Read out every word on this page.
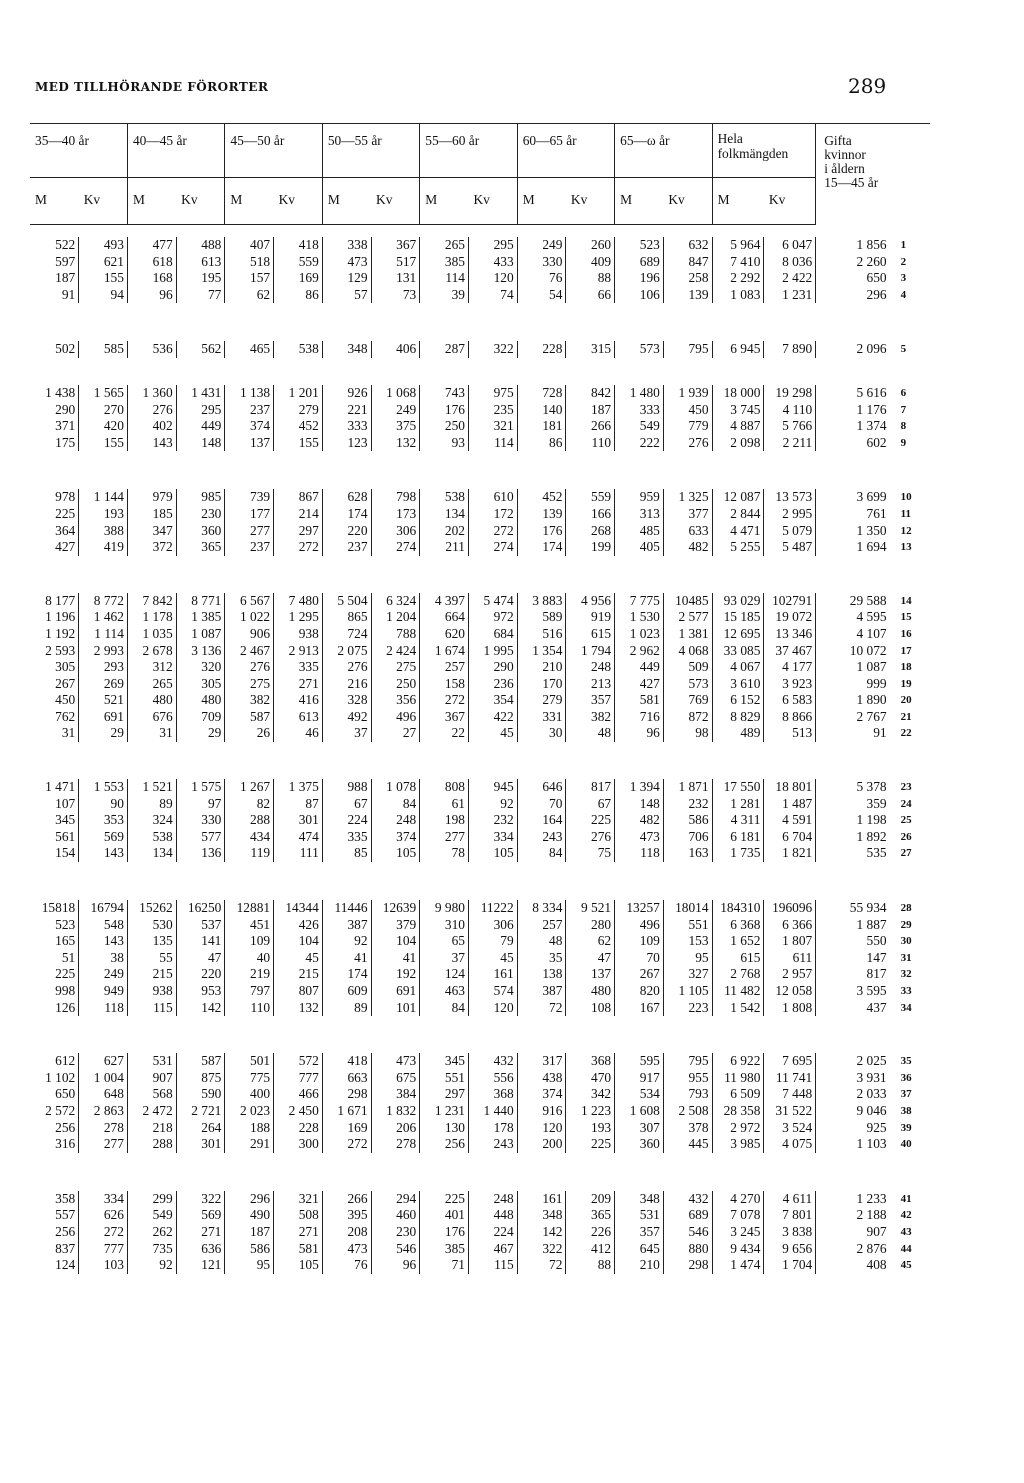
MED TILLHÖRANDE FÖRORTER	289
35—40 år		40—45 år		45—50 år		50—55 år		55—60 år		60—65 år		65—ω år		Hela
folkmängden		Gifta
kvinnor
i åldern
15—45 år	
M	Kv	M	Kv	M	Kv	M	Kv	M	Kv	M	Kv	M	Kv	M	Kv		

522	493	477	488	407	418	338	367	265	295	249	260	523	632	5 964	6 047	1 856	1
597	621	618	613	518	559	473	517	385	433	330	409	689	847	7 410	8 036	2 260	2
187	155	168	195	157	169	129	131	114	120	76	88	196	258	2 292	2 422	650	3
91	94	96	77	62	86	57	73	39	74	54	66	106	139	1 083	1 231	296	4

502	585	536	562	465	538	348	406	287	322	228	315	573	795	6 945	7 890	2 096	5

1 438	1 565	1 360	1 431	1 138	1 201	926	1 068	743	975	728	842	1 480	1 939	18 000	19 298	5 616	6
290	270	276	295	237	279	221	249	176	235	140	187	333	450	3 745	4 110	1 176	7
371	420	402	449	374	452	333	375	250	321	181	266	549	779	4 887	5 766	1 374	8
175	155	143	148	137	155	123	132	93	114	86	110	222	276	2 098	2 211	602	9

978	1 144	979	985	739	867	628	798	538	610	452	559	959	1 325	12 087	13 573	3 699	10
225	193	185	230	177	214	174	173	134	172	139	166	313	377	2 844	2 995	761	11
364	388	347	360	277	297	220	306	202	272	176	268	485	633	4 471	5 079	1 350	12
427	419	372	365	237	272	237	274	211	274	174	199	405	482	5 255	5 487	1 694	13

8 177	8 772	7 842	8 771	6 567	7 480	5 504	6 324	4 397	5 474	3 883	4 956	7 775	10485	93 029	102791	29 588	14
1 196	1 462	1 178	1 385	1 022	1 295	865	1 204	664	972	589	919	1 530	2 577	15 185	19 072	4 595	15
1 192	1 114	1 035	1 087	906	938	724	788	620	684	516	615	1 023	1 381	12 695	13 346	4 107	16
2 593	2 993	2 678	3 136	2 467	2 913	2 075	2 424	1 674	1 995	1 354	1 794	2 962	4 068	33 085	37 467	10 072	17
305	293	312	320	276	335	276	275	257	290	210	248	449	509	4 067	4 177	1 087	18
267	269	265	305	275	271	216	250	158	236	170	213	427	573	3 610	3 923	999	19
450	521	480	480	382	416	328	356	272	354	279	357	581	769	6 152	6 583	1 890	20
762	691	676	709	587	613	492	496	367	422	331	382	716	872	8 829	8 866	2 767	21
31	29	31	29	26	46	37	27	22	45	30	48	96	98	489	513	91	22

1 471	1 553	1 521	1 575	1 267	1 375	988	1 078	808	945	646	817	1 394	1 871	17 550	18 801	5 378	23
107	90	89	97	82	87	67	84	61	92	70	67	148	232	1 281	1 487	359	24
345	353	324	330	288	301	224	248	198	232	164	225	482	586	4 311	4 591	1 198	25
561	569	538	577	434	474	335	374	277	334	243	276	473	706	6 181	6 704	1 892	26
154	143	134	136	119	111	85	105	78	105	84	75	118	163	1 735	1 821	535	27

15818	16794	15262	16250	12881	14344	11446	12639	9 980	11222	8 334	9 521	13257	18014	184310	196096	55 934	28
523	548	530	537	451	426	387	379	310	306	257	280	496	551	6 368	6 366	1 887	29
165	143	135	141	109	104	92	104	65	79	48	62	109	153	1 652	1 807	550	30
51	38	55	47	40	45	41	41	37	45	35	47	70	95	615	611	147	31
225	249	215	220	219	215	174	192	124	161	138	137	267	327	2 768	2 957	817	32
998	949	938	953	797	807	609	691	463	574	387	480	820	1 105	11 482	12 058	3 595	33
126	118	115	142	110	132	89	101	84	120	72	108	167	223	1 542	1 808	437	34

612	627	531	587	501	572	418	473	345	432	317	368	595	795	6 922	7 695	2 025	35
1 102	1 004	907	875	775	777	663	675	551	556	438	470	917	955	11 980	11 741	3 931	36
650	648	568	590	400	466	298	384	297	368	374	342	534	793	6 509	7 448	2 033	37
2 572	2 863	2 472	2 721	2 023	2 450	1 671	1 832	1 231	1 440	916	1 223	1 608	2 508	28 358	31 522	9 046	38
256	278	218	264	188	228	169	206	130	178	120	193	307	378	2 972	3 524	925	39
316	277	288	301	291	300	272	278	256	243	200	225	360	445	3 985	4 075	1 103	40

358	334	299	322	296	321	266	294	225	248	161	209	348	432	4 270	4 611	1 233	41
557	626	549	569	490	508	395	460	401	448	348	365	531	689	7 078	7 801	2 188	42
256	272	262	271	187	271	208	230	176	224	142	226	357	546	3 245	3 838	907	43
837	777	735	636	586	581	473	546	385	467	322	412	645	880	9 434	9 656	2 876	44
124	103	92	121	95	105	76	96	71	115	72	88	210	298	1 474	1 704	408	45
